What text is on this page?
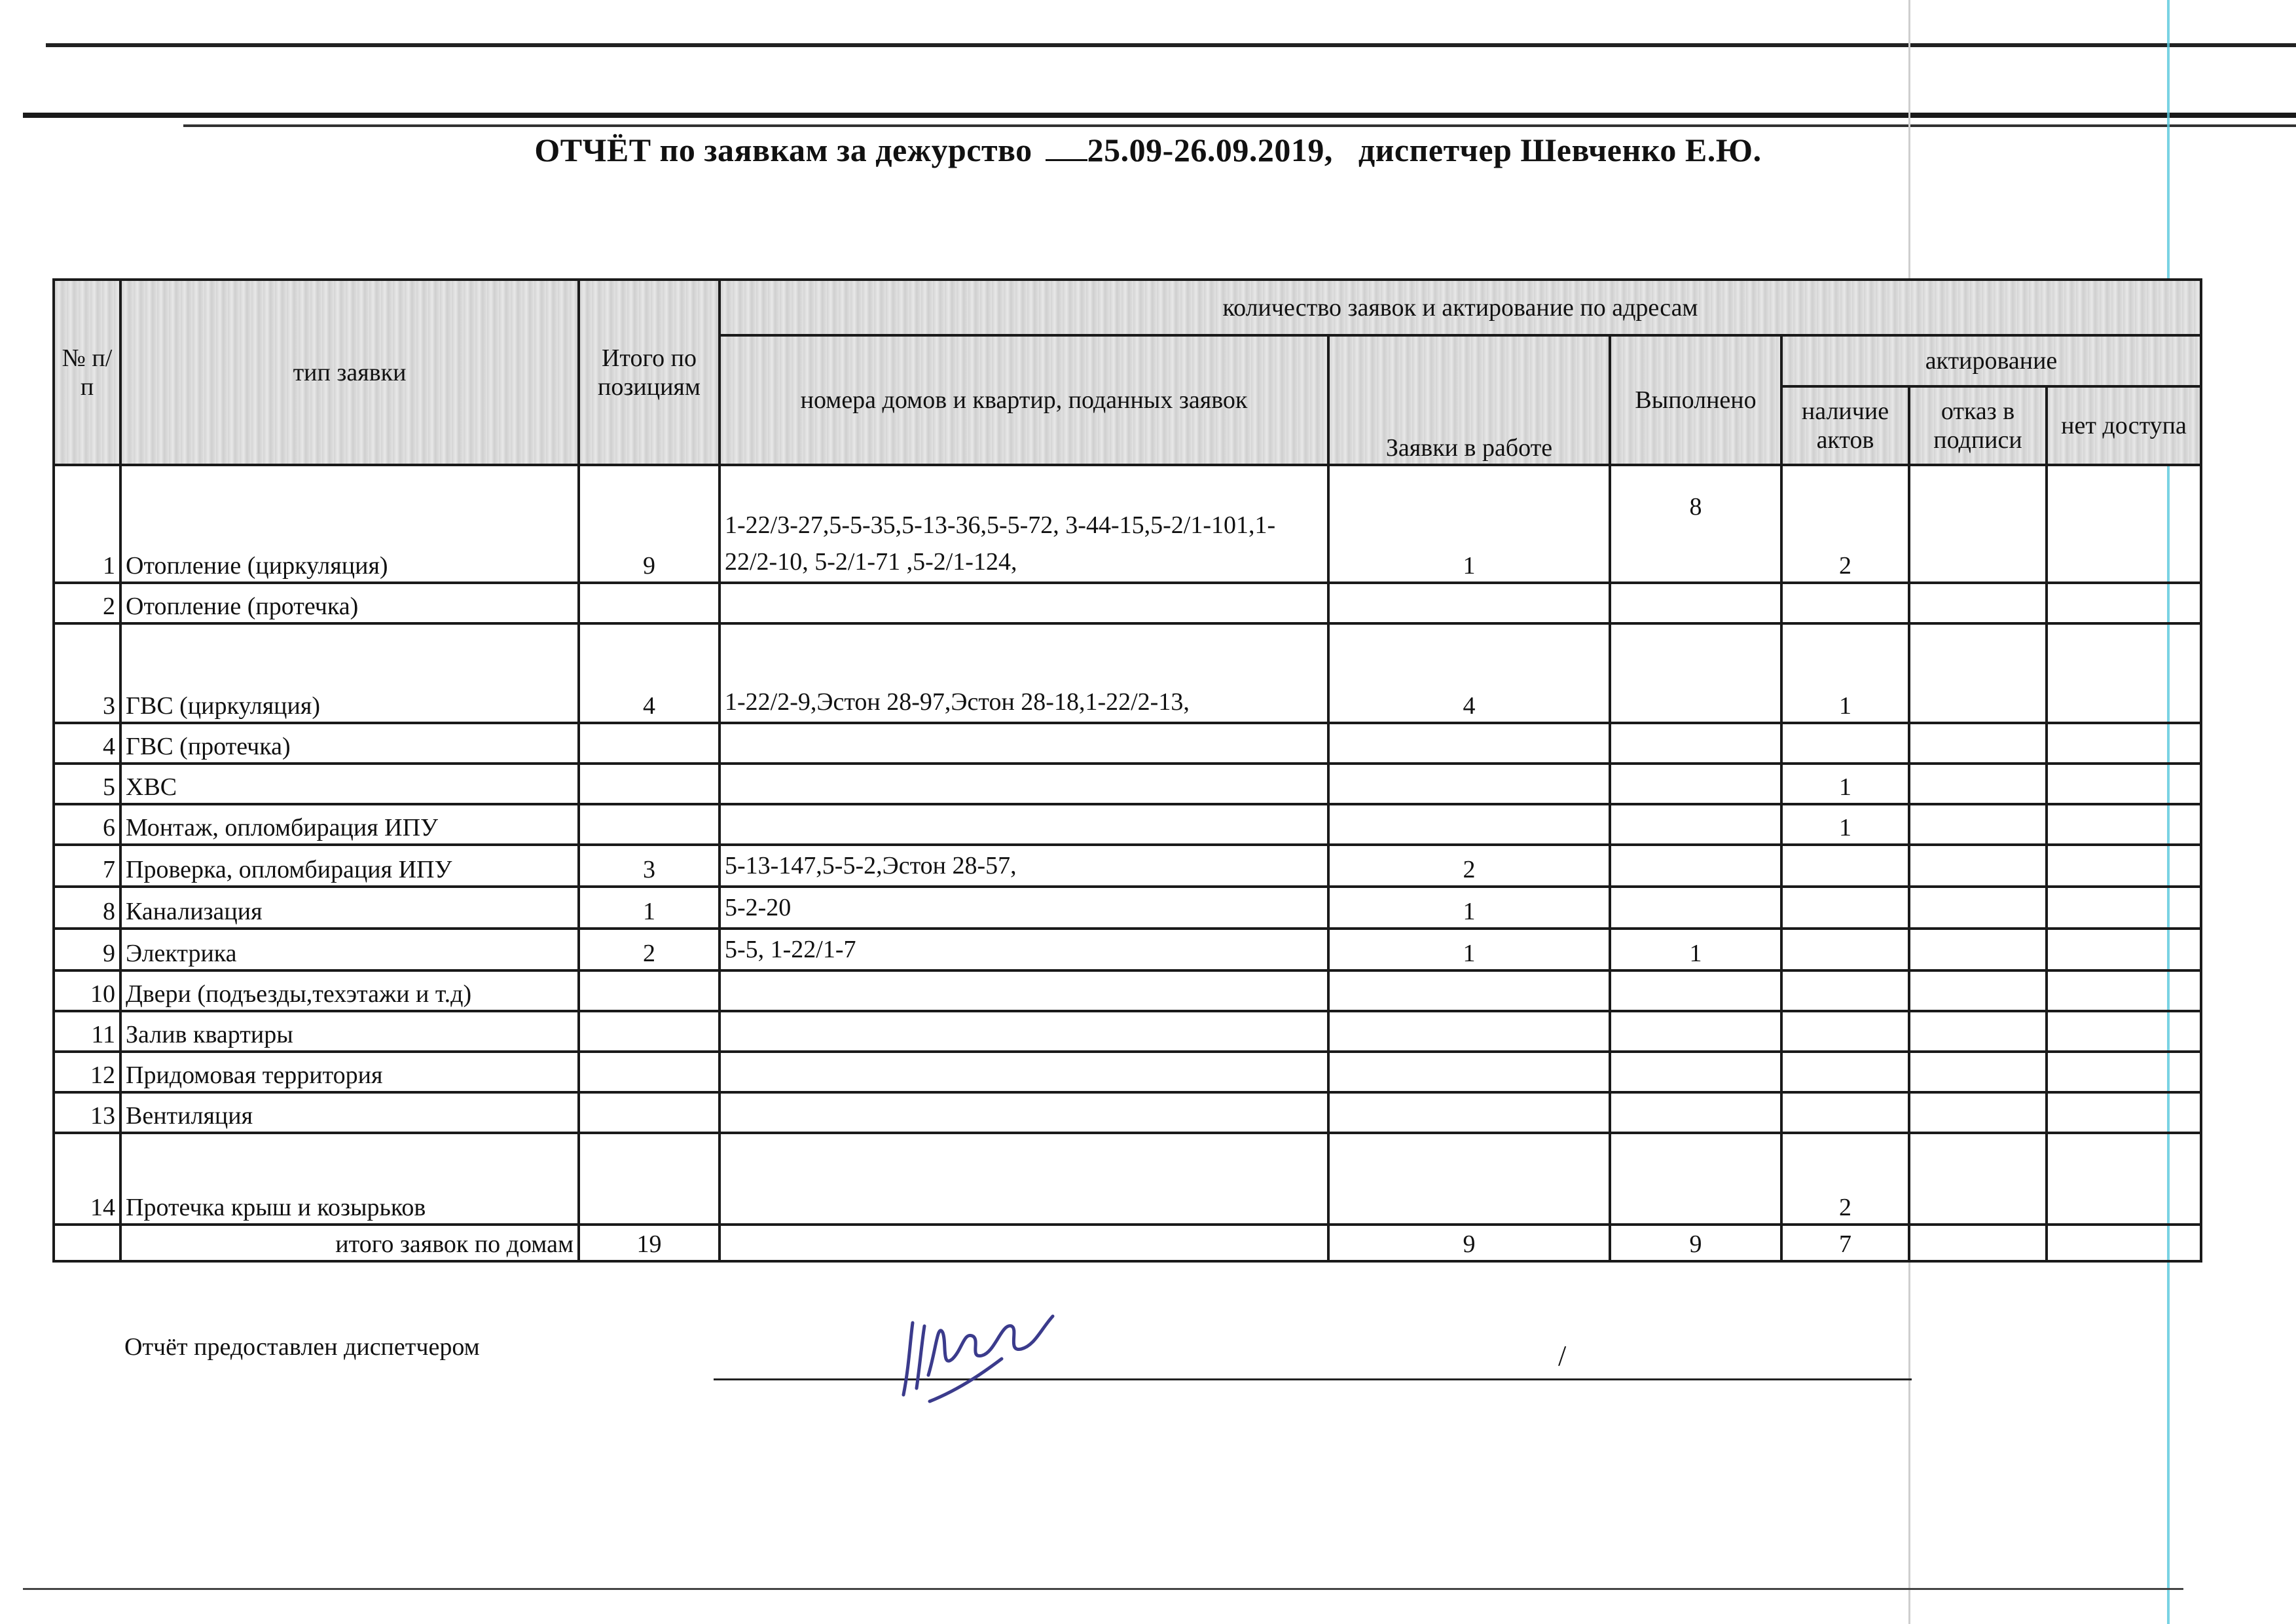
ОТЧЁТ по заявкам за дежурство 25.09-26.09.2019, диспетчер Шевченко Е.Ю.
№ п/п	тип заявки	Итого по позициям	количество заявок и актирование по адресам					
			номера домов и квартир, поданных заявок	Заявки в работе	Выполнено	актирование		
						наличие актов	отказ в подписи	нет доступа
1	Отопление (циркуляция)	9	1-22/3-27,5-5-35,5-13-36,5-5-72, 3-44-15,5-2/1-101,1-22/2-10, 5-2/1-71 ,5-2/1-124,	1	8	2		
2	Отопление (протечка)							
3	ГВС (циркуляция)	4	1-22/2-9,Эстон 28-97,Эстон 28-18,1-22/2-13,	4		1		
4	ГВС (протечка)							
5	ХВС					1		
6	Монтаж, опломбирация ИПУ					1		
7	Проверка, опломбирация ИПУ	3	5-13-147,5-5-2,Эстон 28-57,	2				
8	Канализация	1	5-2-20	1				
9	Электрика	2	5-5, 1-22/1-7	1	1			
10	Двери (подъезды,техэтажи и т.д)							
11	Залив квартиры							
12	Придомовая территория							
13	Вентиляция							
14	Протечка крыш и козырьков					2		
	итого заявок по домам	19		9	9	7		
Отчёт предоставлен диспетчером	/
